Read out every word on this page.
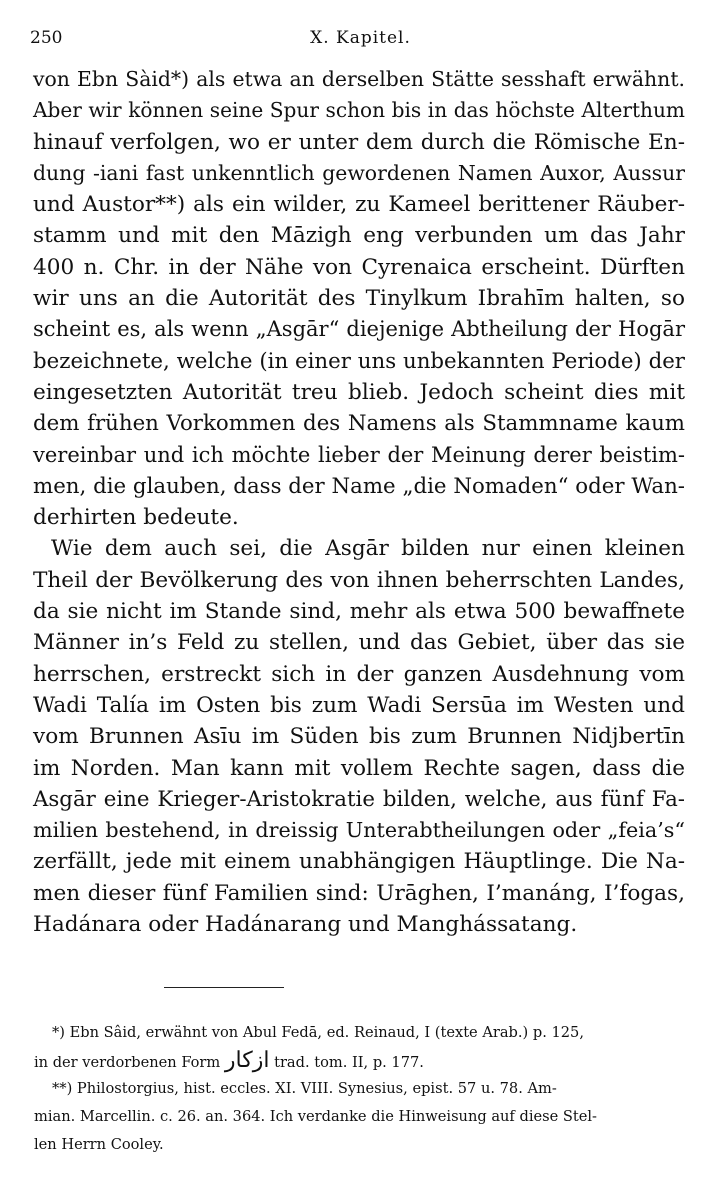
250	X. Kapitel.
von Ebn Sàid*) als etwa an derselben Stätte sesshaft erwähnt.
Aber wir können seine Spur schon bis in das höchste Alterthum
hinauf verfolgen, wo er unter dem durch die Römische En-
dung -iani fast unkenntlich gewordenen Namen Auxor, Aussur
und Austor**) als ein wilder, zu Kameel berittener Räuber-
stamm und mit den Māzigh eng verbunden um das Jahr
400 n. Chr. in der Nähe von Cyrenaica erscheint. Dürften
wir uns an die Autorität des Tinylkum Ibrahīm halten, so
scheint es, als wenn „Asgār“ diejenige Abtheilung der Hogār
bezeichnete, welche (in einer uns unbekannten Periode) der
eingesetzten Autorität treu blieb. Jedoch scheint dies mit
dem frühen Vorkommen des Namens als Stammname kaum
vereinbar und ich möchte lieber der Meinung derer beistim-
men, die glauben, dass der Name „die Nomaden“ oder Wan-
derhirten bedeute.
Wie dem auch sei, die Asgār bilden nur einen kleinen
Theil der Bevölkerung des von ihnen beherrschten Landes,
da sie nicht im Stande sind, mehr als etwa 500 bewaffnete
Männer in’s Feld zu stellen, und das Gebiet, über das sie
herrschen, erstreckt sich in der ganzen Ausdehnung vom
Wadi Talía im Osten bis zum Wadi Sersūa im Westen und
vom Brunnen Asīu im Süden bis zum Brunnen Nidjbertīn
im Norden. Man kann mit vollem Rechte sagen, dass die
Asgār eine Krieger-Aristokratie bilden, welche, aus fünf Fa-
milien bestehend, in dreissig Unterabtheilungen oder „feia’s“
zerfällt, jede mit einem unabhängigen Häuptlinge. Die Na-
men dieser fünf Familien sind: Urāghen, I’manáng, I’fogas,
Hadánara oder Hadánarang und Manghássatang.
*) Ebn Sâid, erwähnt von Abul Fedā, ed. Reinaud, I (texte Arab.) p. 125,
in der verdorbenen Form ازكار trad. tom. II, p. 177.
**) Philostorgius, hist. eccles. XI. VIII. Synesius, epist. 57 u. 78. Am-
mian. Marcellin. c. 26. an. 364. Ich verdanke die Hinweisung auf diese Stel-
len Herrn Cooley.
